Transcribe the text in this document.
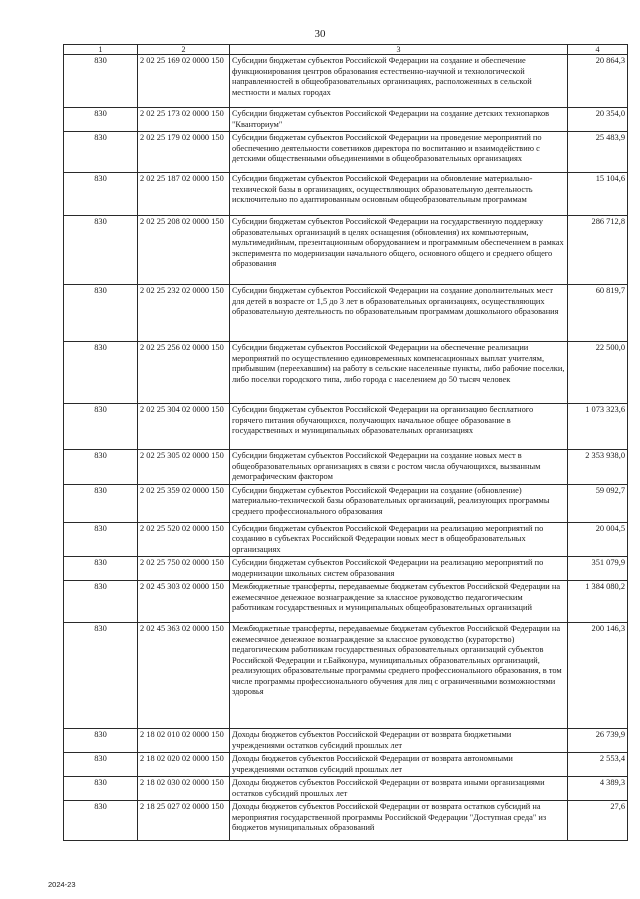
30
1	2	3	4
830	2 02 25 169 02 0000 150	Субсидии бюджетам субъектов Российской Федерации на создание и обеспечение функционирования центров образования естественно-научной и технологической направленностей в общеобразовательных организациях, расположенных в сельской местности и малых городах	20 864,3
830	2 02 25 173 02 0000 150	Субсидии бюджетам субъектов Российской Федерации на создание детских технопарков "Кванториум"	20 354,0
830	2 02 25 179 02 0000 150	Субсидии бюджетам субъектов Российской Федерации на проведение мероприятий по обеспечению деятельности советников директора по воспитанию и взаимодействию с детскими общественными объединениями в общеобразовательных организациях	25 483,9
830	2 02 25 187 02 0000 150	Субсидии бюджетам субъектов Российской Федерации на обновление материально-технической базы в организациях, осуществляющих образовательную деятельность исключительно по адаптированным основным общеобразовательным программам	15 104,6
830	2 02 25 208 02 0000 150	Субсидии бюджетам субъектов Российской Федерации на государственную поддержку образовательных организаций в целях оснащения (обновления) их компьютерным, мультимедийным, презентационным оборудованием и программным обеспечением в рамках эксперимента по модернизации начального общего, основного общего и среднего общего образования	286 712,8
830	2 02 25 232 02 0000 150	Субсидии бюджетам субъектов Российской Федерации на создание дополнительных мест для детей в возрасте от 1,5 до 3 лет в образовательных организациях, осуществляющих образовательную деятельность по образовательным программам дошкольного образования	60 819,7
830	2 02 25 256 02 0000 150	Субсидии бюджетам субъектов Российской Федерации на обеспечение реализации мероприятий по осуществлению единовременных компенсационных выплат учителям, прибывшим (переехавшим) на работу в сельские населенные пункты, либо рабочие поселки, либо поселки городского типа, либо города с населением до 50 тысяч человек	22 500,0
830	2 02 25 304 02 0000 150	Субсидии бюджетам субъектов Российской Федерации на организацию бесплатного горячего питания обучающихся, получающих начальное общее образование в государственных и муниципальных образовательных организациях	1 073 323,6
830	2 02 25 305 02 0000 150	Субсидии бюджетам субъектов Российской Федерации на создание новых мест в общеобразовательных организациях в связи с ростом числа обучающихся, вызванным демографическим фактором	2 353 938,0
830	2 02 25 359 02 0000 150	Субсидии бюджетам субъектов Российской Федерации на создание (обновление) материально-технической базы образовательных организаций, реализующих программы среднего профессионального образования	59 092,7
830	2 02 25 520 02 0000 150	Субсидии бюджетам субъектов Российской Федерации на реализацию мероприятий по созданию в субъектах Российской Федерации новых мест в общеобразовательных организациях	20 004,5
830	2 02 25 750 02 0000 150	Субсидии бюджетам субъектов Российской Федерации на реализацию мероприятий по модернизации школьных систем образования	351 079,9
830	2 02 45 303 02 0000 150	Межбюджетные трансферты, передаваемые бюджетам субъектов Российской Федерации на ежемесячное денежное вознаграждение за классное руководство педагогическим работникам государственных и муниципальных общеобразовательных организаций	1 384 080,2
830	2 02 45 363 02 0000 150	Межбюджетные трансферты, передаваемые бюджетам субъектов Российской Федерации на ежемесячное денежное вознаграждение за классное руководство (кураторство) педагогическим работникам государственных образовательных организаций субъектов Российской Федерации и г.Байконура, муниципальных образовательных организаций, реализующих образовательные программы среднего профессионального образования, в том числе программы профессионального обучения для лиц с ограниченными возможностями здоровья	200 146,3
830	2 18 02 010 02 0000 150	Доходы бюджетов субъектов Российской Федерации от возврата бюджетными учреждениями остатков субсидий прошлых лет	26 739,9
830	2 18 02 020 02 0000 150	Доходы бюджетов субъектов Российской Федерации от возврата автономными учреждениями остатков субсидий прошлых лет	2 553,4
830	2 18 02 030 02 0000 150	Доходы бюджетов субъектов Российской Федерации от возврата иными организациями остатков субсидий прошлых лет	4 389,3
830	2 18 25 027 02 0000 150	Доходы бюджетов субъектов Российской Федерации от возврата остатков субсидий на мероприятия государственной программы Российской Федерации "Доступная среда" из бюджетов муниципальных образований	27,6
2024-23
